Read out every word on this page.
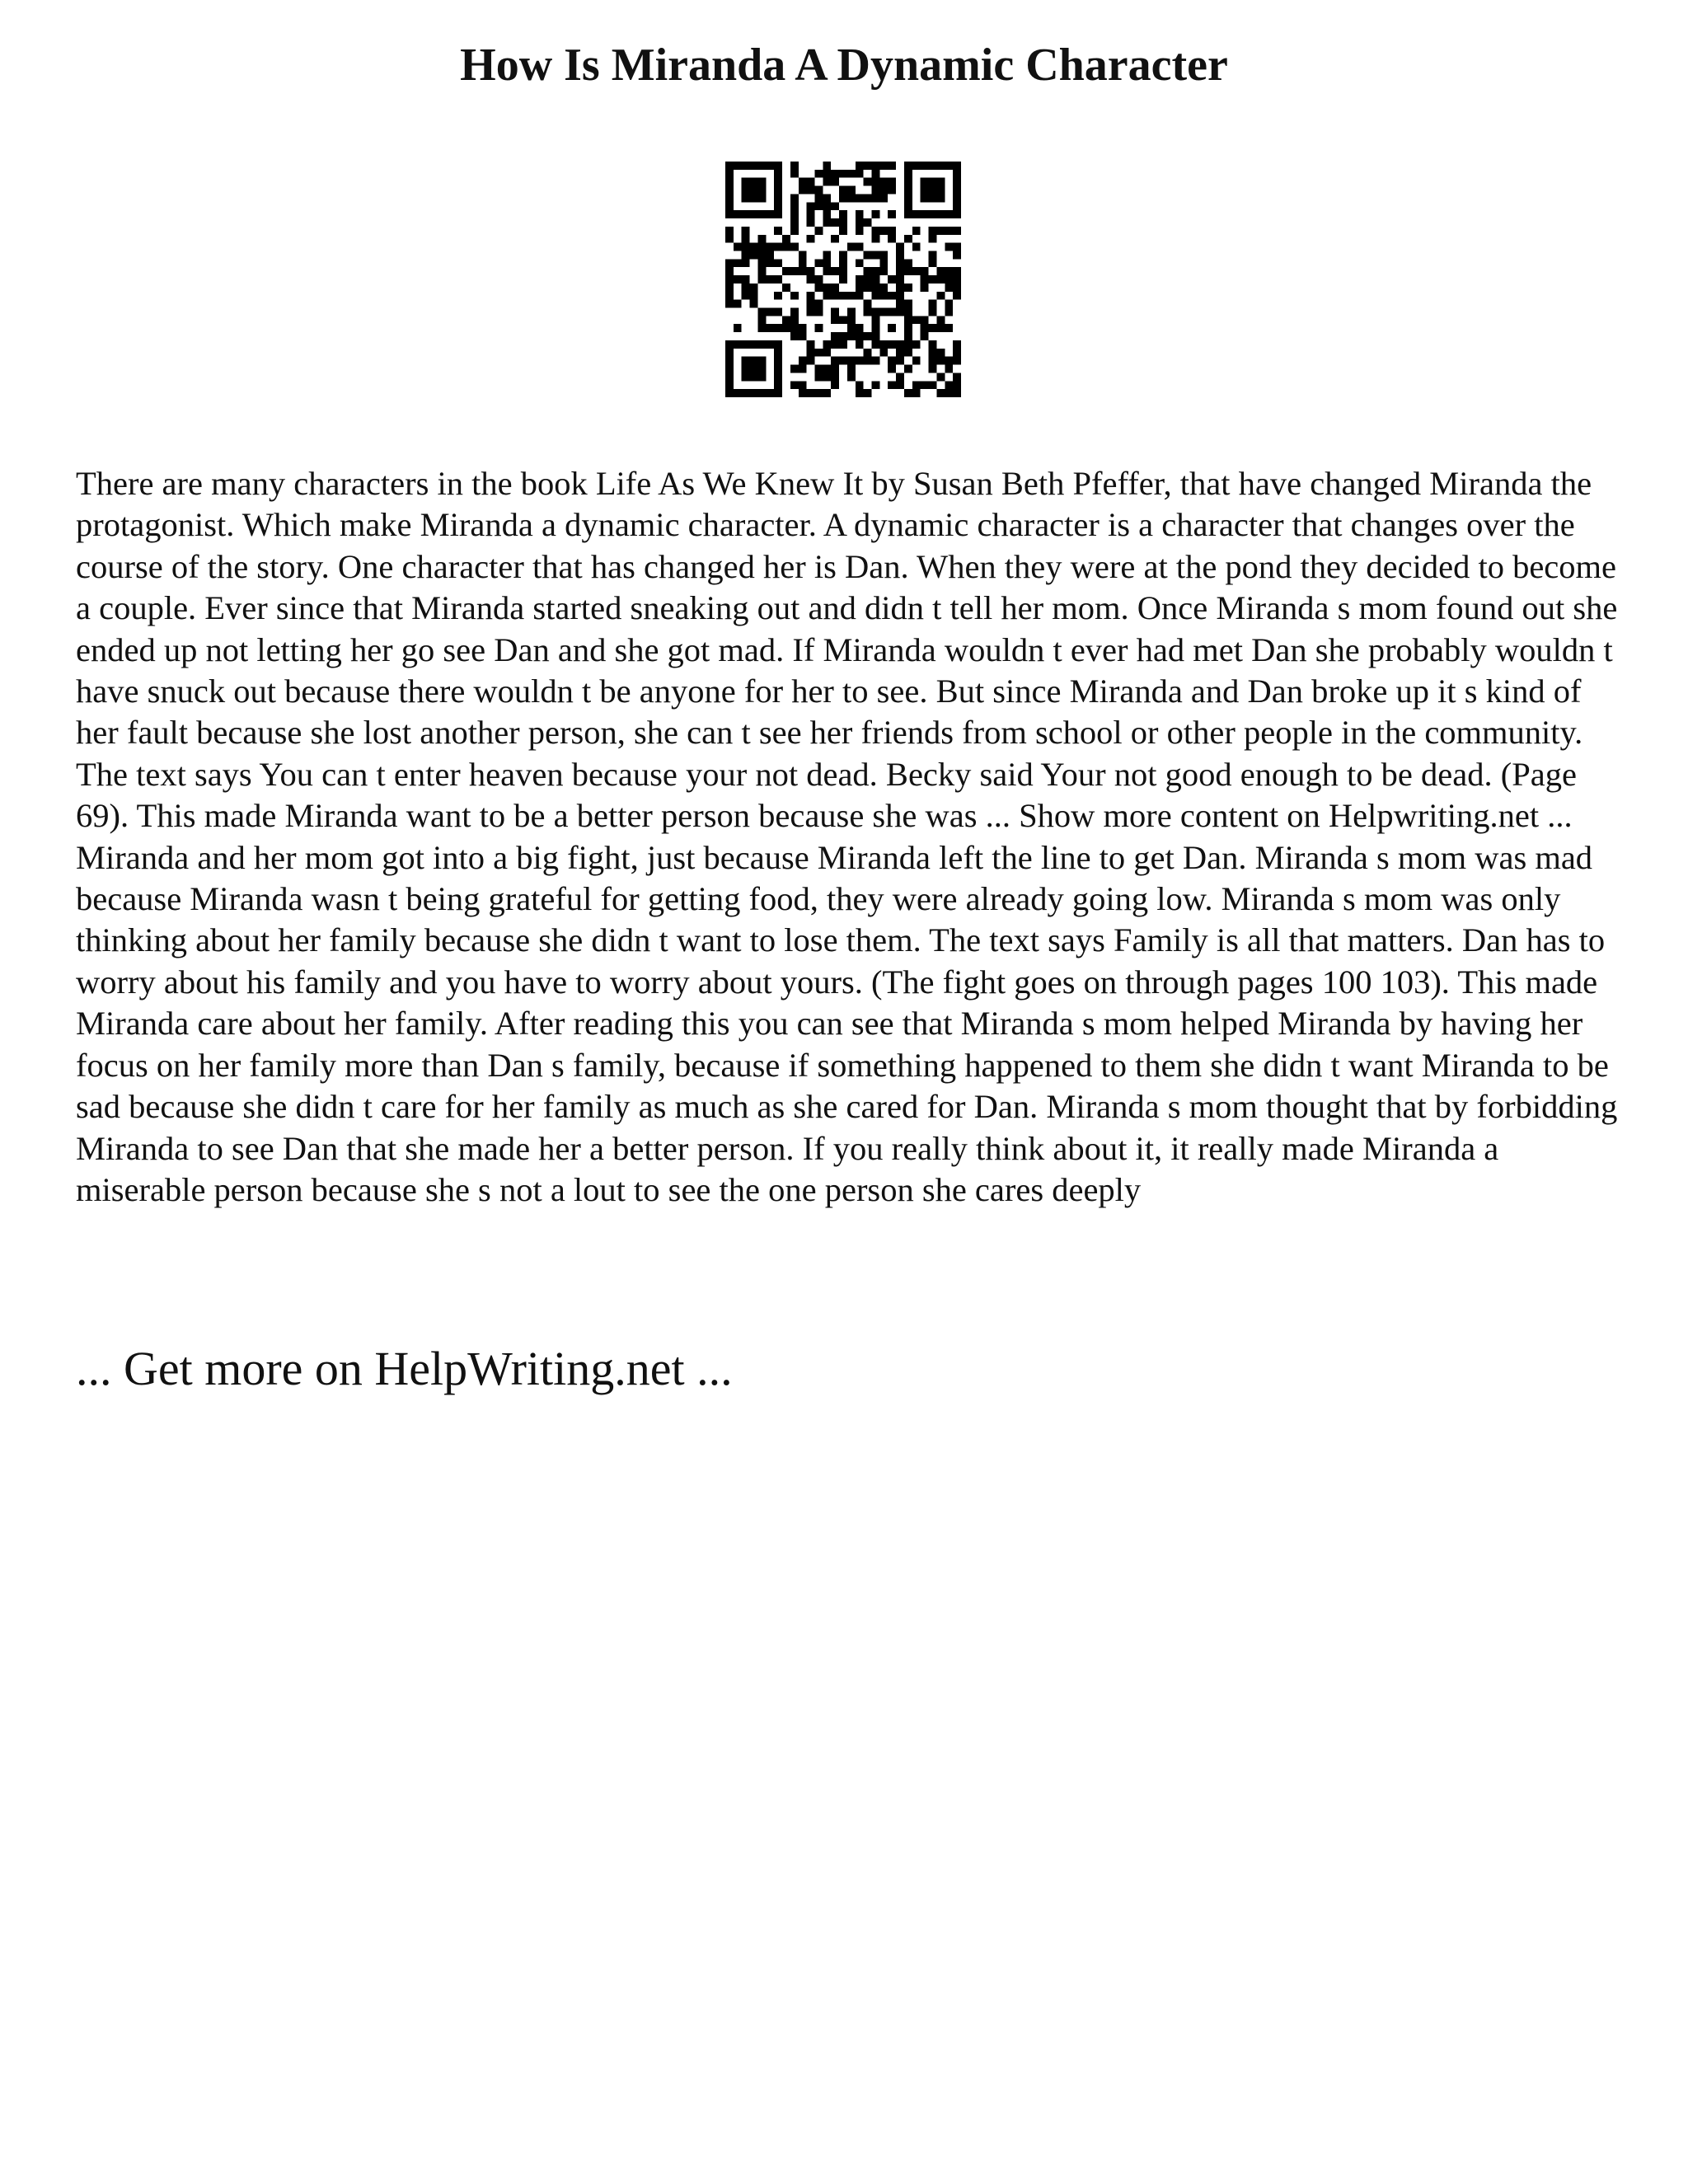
How Is Miranda A Dynamic Character

There are many characters in the book Life As We Knew It by Susan Beth Pfeffer, that have changed Miranda the protagonist. Which make Miranda a dynamic character. A dynamic character is a character that changes over the course of the story. One character that has changed her is Dan. When they were at the pond they decided to become a couple. Ever since that Miranda started sneaking out and didn t tell her mom. Once Miranda s mom found out she ended up not letting her go see Dan and she got mad. If Miranda wouldn t ever had met Dan she probably wouldn t have snuck out because there wouldn t be anyone for her to see. But since Miranda and Dan broke up it s kind of her fault because she lost another person, she can t see her friends from school or other people in the community. The text says You can t enter heaven because your not dead. Becky said Your not good enough to be dead. (Page 69). This made Miranda want to be a better person because she was ... Show more content on Helpwriting.net ...

Miranda and her mom got into a big fight, just because Miranda left the line to get Dan. Miranda s mom was mad because Miranda wasn t being grateful for getting food, they were already going low. Miranda s mom was only thinking about her family because she didn t want to lose them. The text says Family is all that matters. Dan has to worry about his family and you have to worry about yours. (The fight goes on through pages 100 103). This made Miranda care about her family. After reading this you can see that Miranda s mom helped Miranda by having her focus on her family more than Dan s family, because if something happened to them she didn t want Miranda to be sad because she didn t care for her family as much as she cared for Dan. Miranda s mom thought that by forbidding Miranda to see Dan that she made her a better person. If you really think about it, it really made Miranda a miserable person because she s not a lout to see the one person she cares deeply

... Get more on HelpWriting.net ...
